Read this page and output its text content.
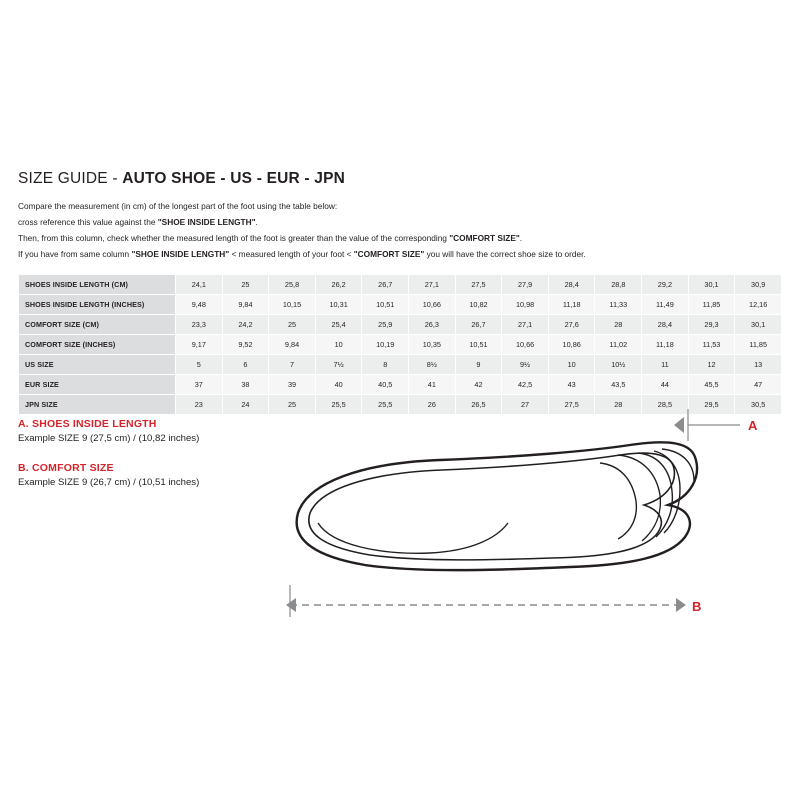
SIZE GUIDE - AUTO SHOE - US - EUR - JPN

Compare the measurement (in cm) of the longest part of the foot using the table below:

cross reference this value against the "SHOE INSIDE LENGTH".

Then, from this column, check whether the measured length of the foot is greater than the value of the corresponding "COMFORT SIZE".

If you have from same column "SHOE INSIDE LENGTH" < measured length of your foot < "COMFORT SIZE" you will have the correct shoe size to order.

SHOES INSIDE LENGTH (CM)	24,1	25	25,8	26,2	26,7	27,1	27,5	27,9	28,4	28,8	29,2	30,1	30,9
SHOES INSIDE LENGTH (INCHES)	9,48	9,84	10,15	10,31	10,51	10,66	10,82	10,98	11,18	11,33	11,49	11,85	12,16
COMFORT SIZE (CM)	23,3	24,2	25	25,4	25,9	26,3	26,7	27,1	27,6	28	28,4	29,3	30,1
COMFORT SIZE (INCHES)	9,17	9,52	9,84	10	10,19	10,35	10,51	10,66	10,86	11,02	11,18	11,53	11,85
US SIZE	5	6	7	7½	8	8½	9	9½	10	10½	11	12	13
EUR SIZE	37	38	39	40	40,5	41	42	42,5	43	43,5	44	45,5	47
JPN SIZE	23	24	25	25,5	25,5	26	26,5	27	27,5	28	28,5	29,5	30,5
A. SHOES INSIDE LENGTH

Example SIZE 9 (27,5 cm) / (10,82 inches)

B. COMFORT SIZE

Example SIZE 9 (26,7 cm) / (10,51 inches)

A
B
